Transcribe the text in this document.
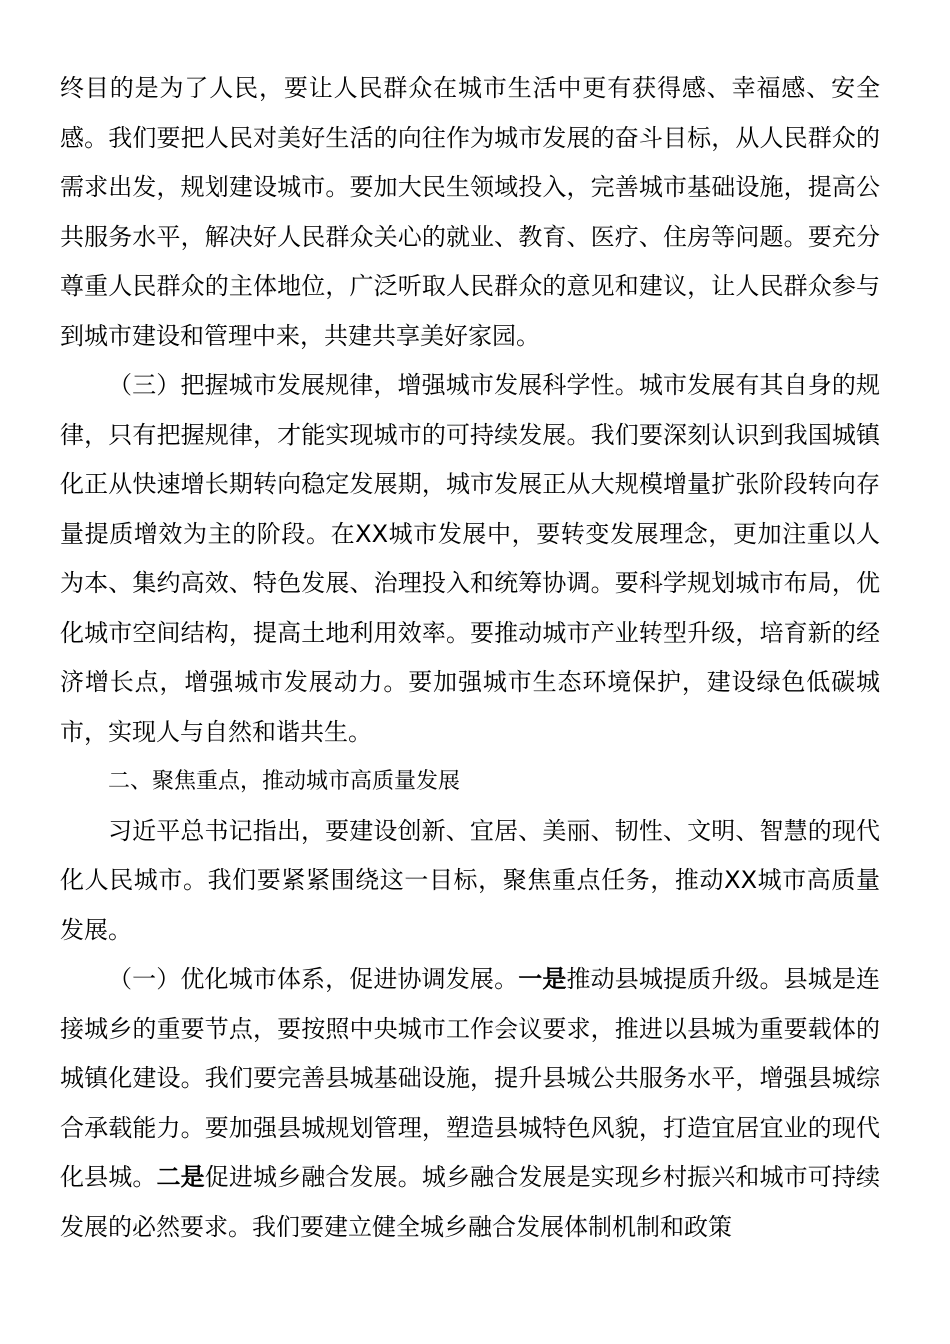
终目的是为了人民，要让人民群众在城市生活中更有获得感、幸福感、安全感。我们要把人民对美好生活的向往作为城市发展的奋斗目标，从人民群众的需求出发，规划建设城市。要加大民生领域投入，完善城市基础设施，提高公共服务水平，解决好人民群众关心的就业、教育、医疗、住房等问题。要充分尊重人民群众的主体地位，广泛听取人民群众的意见和建议，让人民群众参与到城市建设和管理中来，共建共享美好家园。

（三）把握城市发展规律，增强城市发展科学性。城市发展有其自身的规律，只有把握规律，才能实现城市的可持续发展。我们要深刻认识到我国城镇化正从快速增长期转向稳定发展期，城市发展正从大规模增量扩张阶段转向存量提质增效为主的阶段。在XX城市发展中，要转变发展理念，更加注重以人为本、集约高效、特色发展、治理投入和统筹协调。要科学规划城市布局，优化城市空间结构，提高土地利用效率。要推动城市产业转型升级，培育新的经济增长点，增强城市发展动力。要加强城市生态环境保护，建设绿色低碳城市，实现人与自然和谐共生。

二、聚焦重点，推动城市高质量发展

习近平总书记指出，要建设创新、宜居、美丽、韧性、文明、智慧的现代化人民城市。我们要紧紧围绕这一目标，聚焦重点任务，推动XX城市高质量发展。

（一）优化城市体系，促进协调发展。一是推动县城提质升级。县城是连接城乡的重要节点，要按照中央城市工作会议要求，推进以县城为重要载体的城镇化建设。我们要完善县城基础设施，提升县城公共服务水平，增强县城综合承载能力。要加强县城规划管理，塑造县城特色风貌，打造宜居宜业的现代化县城。二是促进城乡融合发展。城乡融合发展是实现乡村振兴和城市可持续发展的必然要求。我们要建立健全城乡融合发展体制机制和政策
